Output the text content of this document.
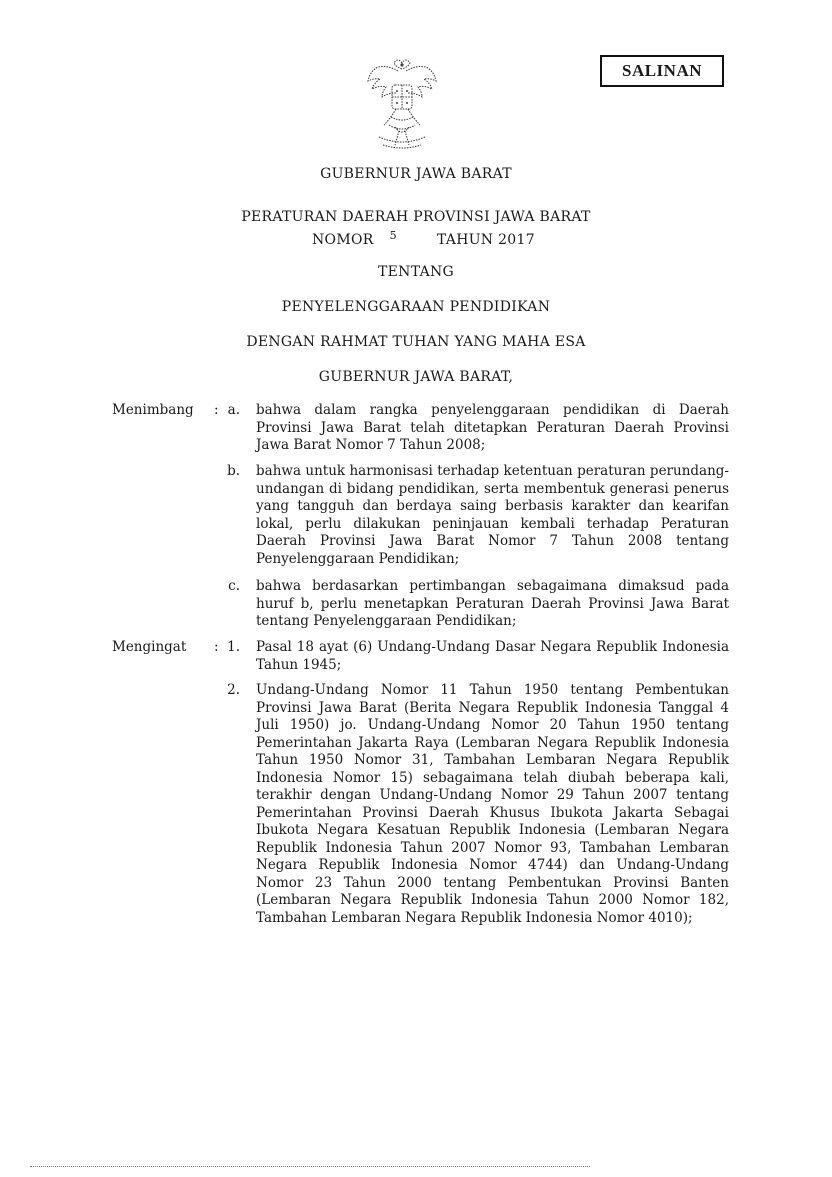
SALINAN
GUBERNUR JAWA BARAT
PERATURAN DAERAH PROVINSI JAWA BARAT
NOMOR 5	TAHUN 2017
TENTANG
PENYELENGGARAAN PENDIDIKAN
DENGAN RAHMAT TUHAN YANG MAHA ESA
GUBERNUR JAWA BARAT,
Menimbang : a. bahwa dalam rangka penyelenggaraan pendidikan di Daerah Provinsi Jawa Barat telah ditetapkan Peraturan Daerah Provinsi Jawa Barat Nomor 7 Tahun 2008;
b. bahwa untuk harmonisasi terhadap ketentuan peraturan perundang-undangan di bidang pendidikan, serta membentuk generasi penerus yang tangguh dan berdaya saing berbasis karakter dan kearifan lokal, perlu dilakukan peninjauan kembali terhadap Peraturan Daerah Provinsi Jawa Barat Nomor 7 Tahun 2008 tentang Penyelenggaraan Pendidikan;
c. bahwa berdasarkan pertimbangan sebagaimana dimaksud pada huruf b, perlu menetapkan Peraturan Daerah Provinsi Jawa Barat tentang Penyelenggaraan Pendidikan;
Mengingat : 1. Pasal 18 ayat (6) Undang-Undang Dasar Negara Republik Indonesia Tahun 1945;
2. Undang-Undang Nomor 11 Tahun 1950 tentang Pembentukan Provinsi Jawa Barat (Berita Negara Republik Indonesia Tanggal 4 Juli 1950) jo. Undang-Undang Nomor 20 Tahun 1950 tentang Pemerintahan Jakarta Raya (Lembaran Negara Republik Indonesia Tahun 1950 Nomor 31, Tambahan Lembaran Negara Republik Indonesia Nomor 15) sebagaimana telah diubah beberapa kali, terakhir dengan Undang-Undang Nomor 29 Tahun 2007 tentang Pemerintahan Provinsi Daerah Khusus Ibukota Jakarta Sebagai Ibukota Negara Kesatuan Republik Indonesia (Lembaran Negara Republik Indonesia Tahun 2007 Nomor 93, Tambahan Lembaran Negara Republik Indonesia Nomor 4744) dan Undang-Undang Nomor 23 Tahun 2000 tentang Pembentukan Provinsi Banten (Lembaran Negara Republik Indonesia Tahun 2000 Nomor 182, Tambahan Lembaran Negara Republik Indonesia Nomor 4010);
